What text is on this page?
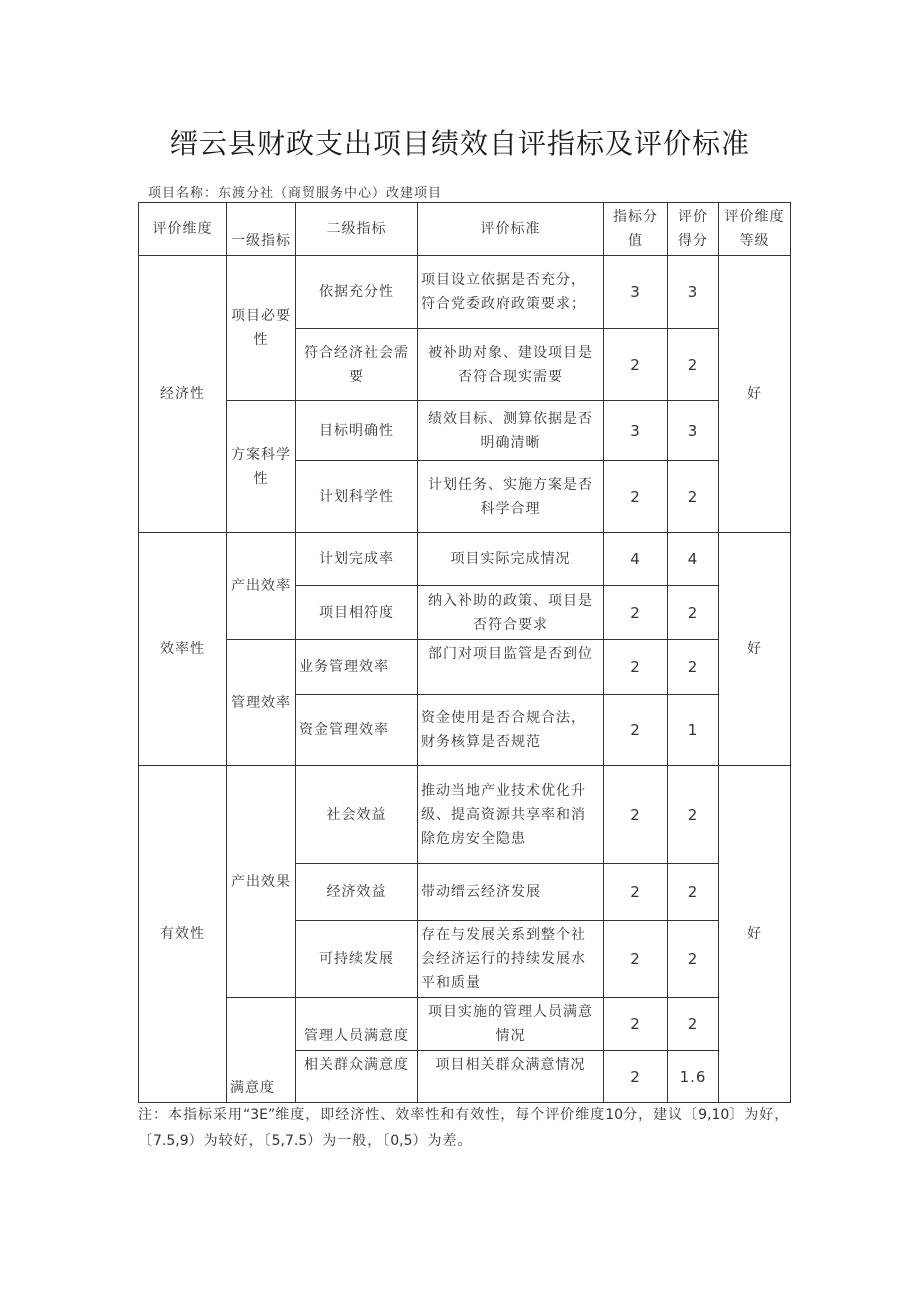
缙云县财政支出项目绩效自评指标及评价标准
项目名称：东渡分社（商贸服务中心）改建项目
评价维度	一级指标	二级指标	评价标准	指标分值	评价得分	评价维度等级
经济性	项目必要性	依据充分性	项目设立依据是否充分，符合党委政府政策要求；	3	3	好
		符合经济社会需要	被补助对象、建设项目是否符合现实需要	2	2	
	方案科学性	目标明确性	绩效目标、测算依据是否明确清晰	3	3	
		计划科学性	计划任务、实施方案是否科学合理	2	2	
效率性	产出效率	计划完成率	项目实际完成情况	4	4	好
		项目相符度	纳入补助的政策、项目是否符合要求	2	2	
	管理效率	业务管理效率	部门对项目监管是否到位	2	2	
		资金管理效率	资金使用是否合规合法，财务核算是否规范	2	1	
有效性	产出效果	社会效益	推动当地产业技术优化升级、提高资源共享率和消除危房安全隐患	2	2	好
		经济效益	带动缙云经济发展	2	2	
		可持续发展	存在与发展关系到整个社会经济运行的持续发展水平和质量	2	2	
	满意度	管理人员满意度	项目实施的管理人员满意情况	2	2	
		相关群众满意度	项目相关群众满意情况	2	1.6	

注：本指标采用“3E”维度，即经济性、效率性和有效性，每个评价维度10分，建议〔9,10〕为好，〔7.5,9）为较好，〔5,7.5）为一般，〔0,5）为差。
